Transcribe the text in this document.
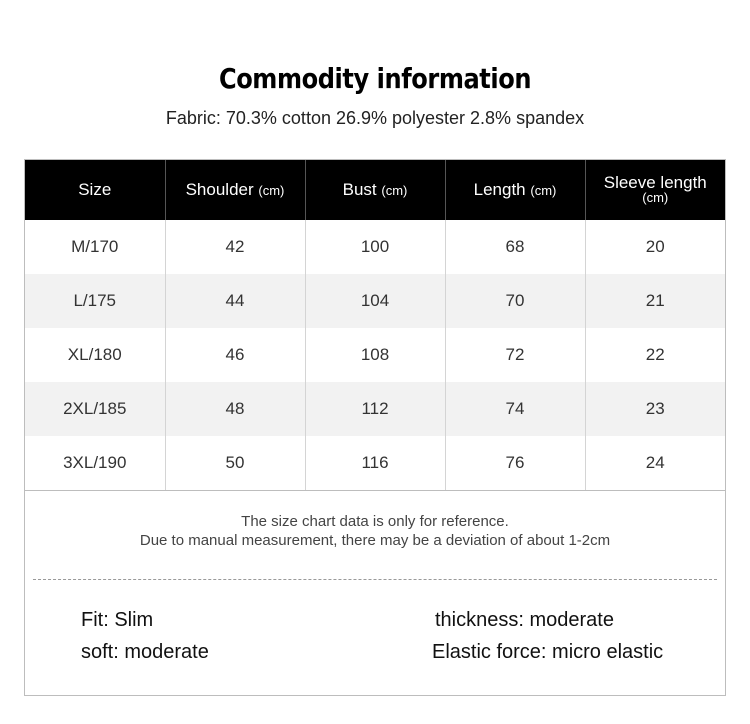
Commodity information
Fabric: 70.3% cotton 26.9% polyester 2.8% spandex
Size	Shoulder (cm)	Bust (cm)	Length (cm)	Sleeve length
(cm)

M/170	42	100	68	20
L/175	44	104	70	21
XL/180	46	108	72	22
2XL/185	48	112	74	23
3XL/190	50	116	76	24
The size chart data is only for reference.
Due to manual measurement, there may be a deviation of about 1-2cm
Fit: Slim	thickness: moderate
soft: moderate	Elastic force: micro elastic
